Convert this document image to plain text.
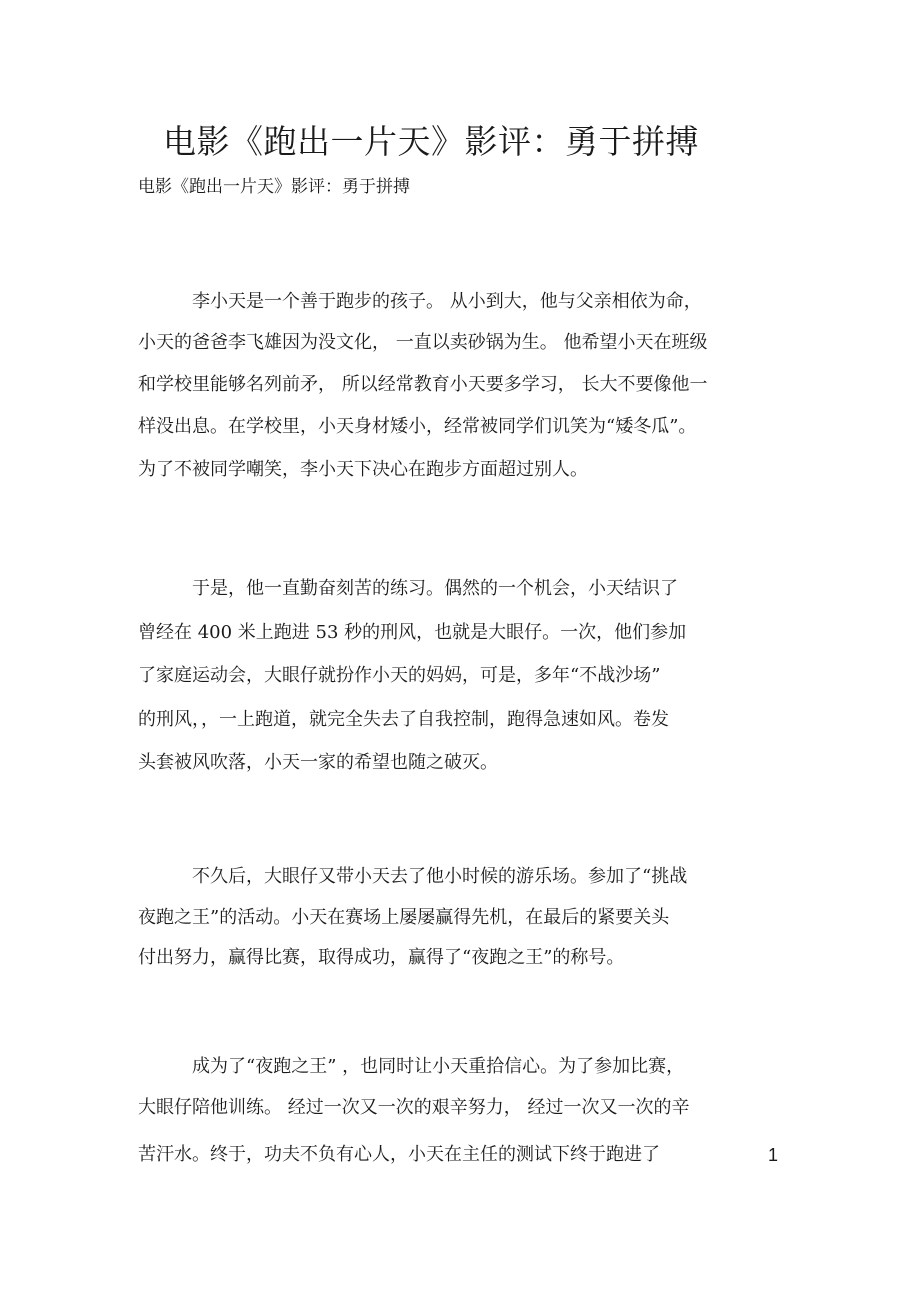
电影《跑出一片天》影评：勇于拼搏
电影《跑出一片天》影评：勇于拼搏
李小天是一个善于跑步的孩子。 从小到大，他与父亲相依为命，
小天的爸爸李飞雄因为没文化， 一直以卖砂锅为生。 他希望小天在班级
和学校里能够名列前矛， 所以经常教育小天要多学习， 长大不要像他一
样没出息。在学校里，小天身材矮小，经常被同学们讥笑为“矮冬瓜”。
为了不被同学嘲笑，李小天下决心在跑步方面超过别人。
于是，他一直勤奋刻苦的练习。偶然的一个机会，小天结识了
曾经在 400 米上跑进 53 秒的刑风，也就是大眼仔。一次，他们参加
了家庭运动会，大眼仔就扮作小天的妈妈，可是，多年“不战沙场”
的刑风，，一上跑道，就完全失去了自我控制，跑得急速如风。卷发
头套被风吹落，小天一家的希望也随之破灭。
不久后，大眼仔又带小天去了他小时候的游乐场。参加了“挑战
夜跑之王”的活动。小天在赛场上屡屡赢得先机，在最后的紧要关头
付出努力，赢得比赛，取得成功，赢得了“夜跑之王”的称号。
成为了“夜跑之王” ，也同时让小天重拾信心。为了参加比赛，
大眼仔陪他训练。 经过一次又一次的艰辛努力， 经过一次又一次的辛
苦汗水。终于，功夫不负有心人，小天在主任的测试下终于跑进了	1
